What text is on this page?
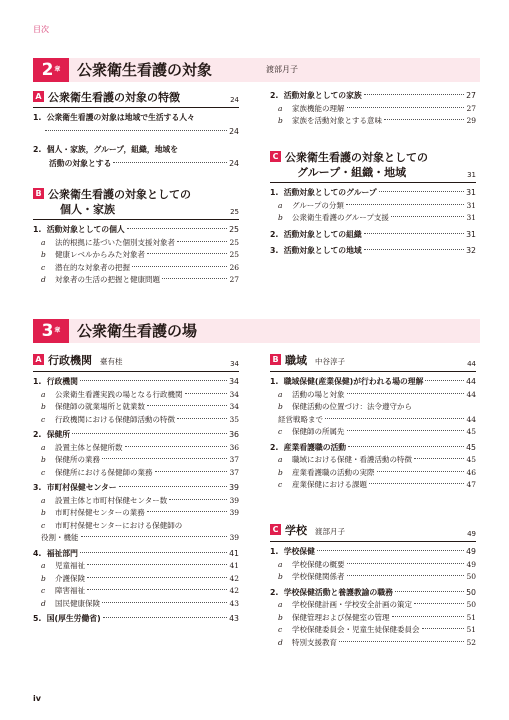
目次
2章	公衆衛生看護の対象	渡部月子
A 公衆衛生看護の対象の特徴	24
1. 公衆衛生看護の対象は地域で生活する人々
24
2. 個人・家族，グループ，組織，地域を
活動の対象とする	24
B 公衆衛生看護の対象としての
個人・家族	25
1. 活動対象としての個人	25
a 法的根拠に基づいた個別支援対象者	25
b 健康レベルからみた対象者	25
c 潜在的な対象者の把握	26
d 対象者の生活の把握と健康問題	27
2. 活動対象としての家族	27
a 家族機能の理解	27
b 家族を活動対象とする意味	29
C 公衆衛生看護の対象としての
グループ・組織・地域	31
1. 活動対象としてのグループ	31
a グループの分類	31
b 公衆衛生看護のグループ支援	31
2. 活動対象としての組織	31
3. 活動対象としての地域	32
3章	公衆衛生看護の場
A 行政機関 臺有桂	34
1. 行政機関	34
a 公衆衛生看護実践の場となる行政機関	34
b 保健師の就業場所と就業数	34
c 行政機関における保健師活動の特徴	35
2. 保健所	36
a 設置主体と保健所数	36
b 保健所の業務	37
c 保健所における保健師の業務	37
3. 市町村保健センター	39
a 設置主体と市町村保健センター数	39
b 市町村保健センターの業務	39
c 市町村保健センターにおける保健師の
役割・機能	39
4. 福祉部門	41
a 児童福祉	41
b 介護保険	42
c 障害福祉	42
d 国民健康保険	43
5. 国(厚生労働省)	43
B 職域 中谷淳子	44
1. 職域保健(産業保健)が行われる場の理解	44
a 活動の場と対象	44
b 保健活動の位置づけ：法令遵守から
経営戦略まで	44
c 保健師の所属先	45
2. 産業看護職の活動	45
a 職域における保健・看護活動の特徴	45
b 産業看護職の活動の実際	46
c 産業保健における課題	47
C 学校 渡部月子	49
1. 学校保健	49
a 学校保健の概要	49
b 学校保健関係者	50
2. 学校保健活動と養護教諭の職務	50
a 学校保健計画・学校安全計画の策定	50
b 保健管理および保健室の管理	51
c 学校保健委員会・児童生徒保健委員会	51
d 特別支援教育	52
iv
